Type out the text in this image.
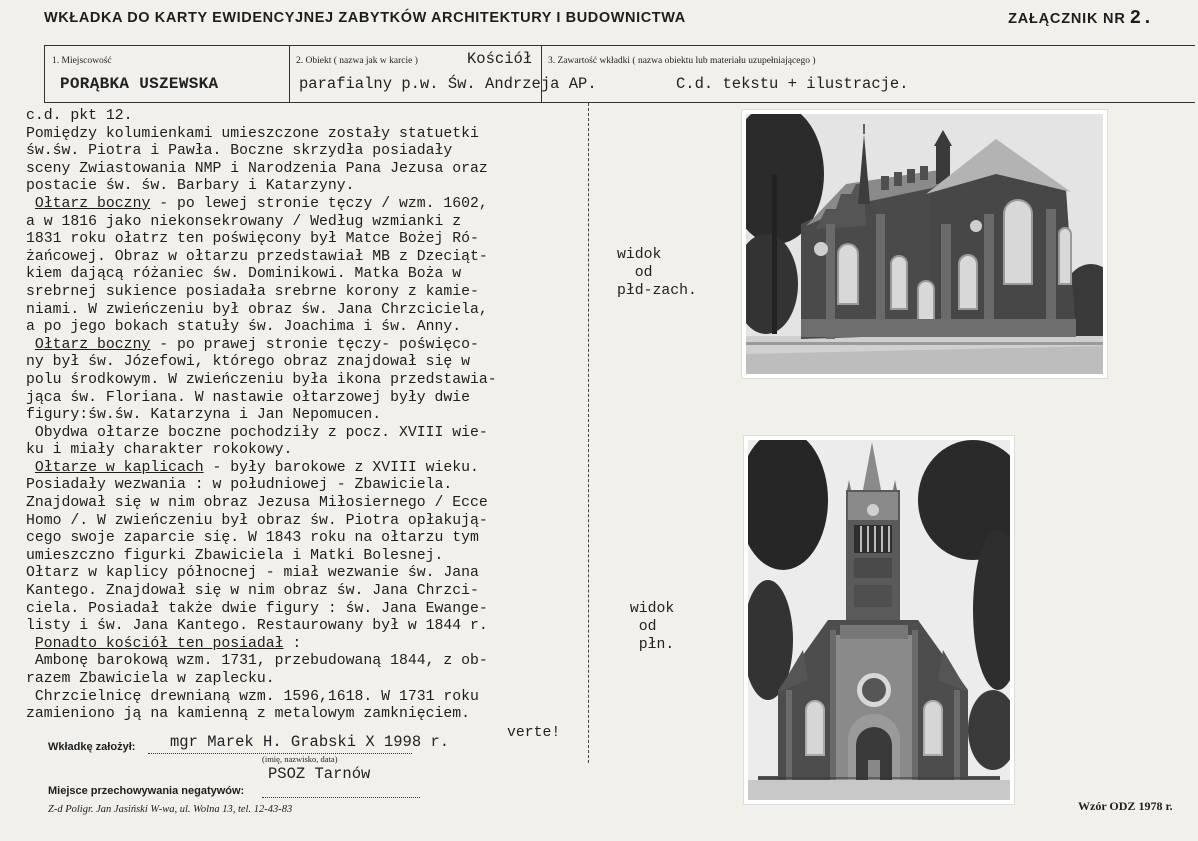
WKŁADKA DO KARTY EWIDENCYJNEJ ZABYTKÓW ARCHITEKTURY I BUDOWNICTWA	ZAŁĄCZNIK NR 2.
1. Miejscowość
PORĄBKA USZEWSKA
2. Obiekt ( nazwa jak w karcie )	Kościół
parafialny p.w. Św. Andrzeja AP.
3. Zawartość wkładki ( nazwa obiektu lub materiału uzupełniającego )
C.d. tekstu + ilustracje.
c.d. pkt 12.
Pomiędzy kolumienkami umieszczone zostały statuetki
św.św. Piotra i Pawła. Boczne skrzydła posiadały
sceny Zwiastowania NMP i Narodzenia Pana Jezusa oraz
postacie św. św. Barbary i Katarzyny.
Ołtarz boczny - po lewej stronie tęczy / wzm. 1602,
a w 1816 jako niekonsekrowany / Według wzmianki z
1831 roku ołatrz ten poświęcony był Matce Bożej Ró-
żańcowej. Obraz w ołtarzu przedstawiał MB z Dzeciąt-
kiem dającą różaniec św. Dominikowi. Matka Boża w
srebrnej sukience posiadała srebrne korony z kamie-
niami. W zwieńczeniu był obraz św. Jana Chrzciciela,
a po jego bokach statuły św. Joachima i św. Anny.
Ołtarz boczny - po prawej stronie tęczy- poświęco-
ny był św. Józefowi, którego obraz znajdował się w
polu środkowym. W zwieńczeniu była ikona przedstawia-
jąca św. Floriana. W nastawie ołtarzowej były dwie
figury:św.św. Katarzyna i Jan Nepomucen.
Obydwa ołtarze boczne pochodziły z pocz. XVIII wie-
ku i miały charakter rokokowy.
Ołtarze w kaplicach - były barokowe z XVIII wieku.
Posiadały wezwania : w południowej - Zbawiciela.
Znajdował się w nim obraz Jezusa Miłosiernego / Ecce
Homo /. W zwieńczeniu był obraz św. Piotra opłakują-
cego swoje zaparcie się. W 1843 roku na ołtarzu tym
umieszczno figurki Zbawiciela i Matki Bolesnej.
Ołtarz w kaplicy północnej - miał wezwanie św. Jana
Kantego. Znajdował się w nim obraz św. Jana Chrzci-
ciela. Posiadał także dwie figury : św. Jana Ewange-
listy i św. Jana Kantego. Restaurowany był w 1844 r.
Ponadto kościół ten posiadał :
Ambonę barokową wzm. 1731, przebudowaną 1844, z ob-
razem Zbawiciela w zaplecku.
Chrzcielnicę drewnianą wzm. 1596,1618. W 1731 roku
zamieniono ją na kamienną z metalowym zamknięciem.
verte!
widok
od
płd-zach.
widok
od
płn.
Wkładkę założył: mgr Marek H. Grabski X 1998 r.
(imię, nazwisko, data)
PSOZ Tarnów
Miejsce przechowywania negatywów:
Z-d Poligr. Jan Jasiński W-wa, ul. Wolna 13, tel. 12-43-83	Wzór ODZ 1978 r.
